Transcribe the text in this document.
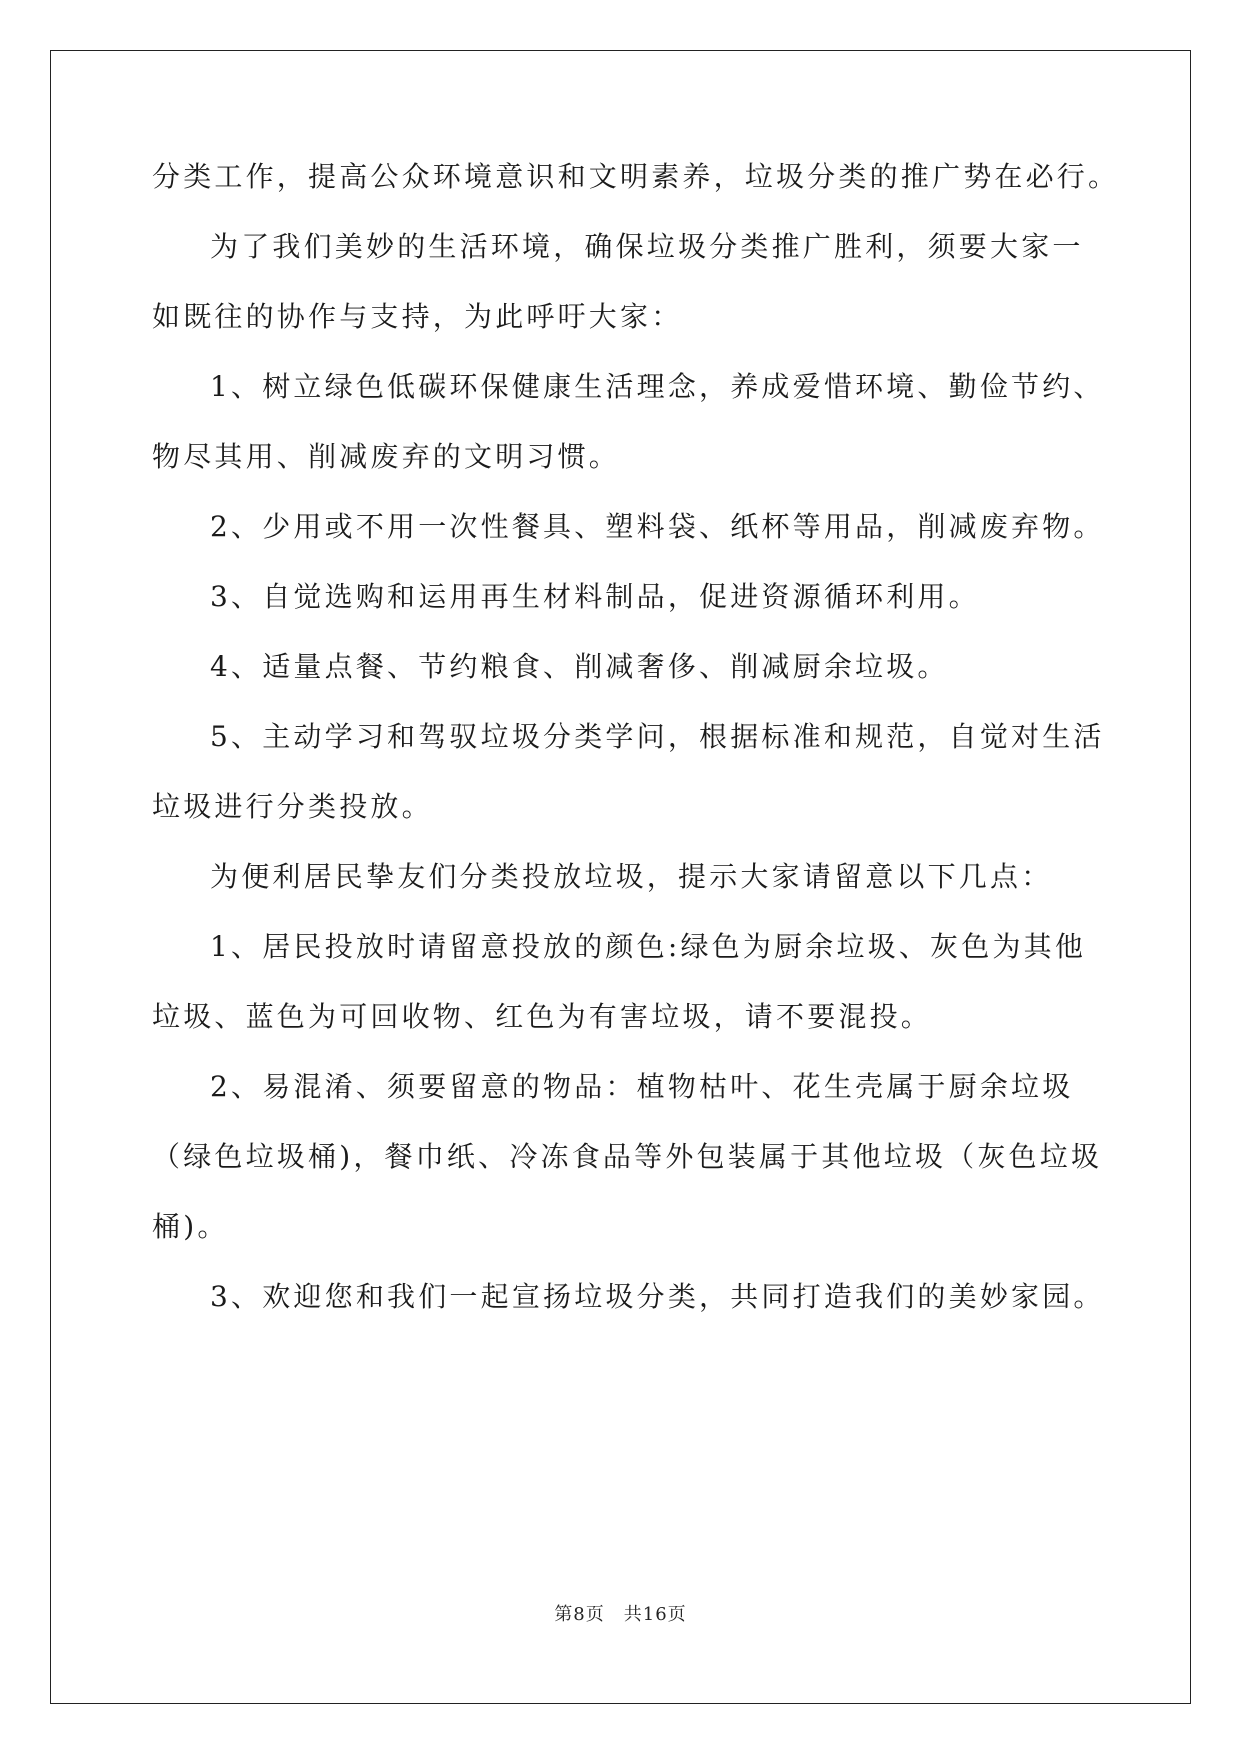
分类工作，提高公众环境意识和文明素养，垃圾分类的推广势在必行。
为了我们美妙的生活环境，确保垃圾分类推广胜利，须要大家一
如既往的协作与支持，为此呼吁大家：
1、树立绿色低碳环保健康生活理念，养成爱惜环境、勤俭节约、
物尽其用、削减废弃的文明习惯。
2、少用或不用一次性餐具、塑料袋、纸杯等用品，削减废弃物。
3、自觉选购和运用再生材料制品，促进资源循环利用。
4、适量点餐、节约粮食、削减奢侈、削减厨余垃圾。
5、主动学习和驾驭垃圾分类学问，根据标准和规范，自觉对生活
垃圾进行分类投放。
为便利居民挚友们分类投放垃圾，提示大家请留意以下几点：
1、居民投放时请留意投放的颜色:绿色为厨余垃圾、灰色为其他
垃圾、蓝色为可回收物、红色为有害垃圾，请不要混投。
2、易混淆、须要留意的物品：植物枯叶、花生壳属于厨余垃圾
（绿色垃圾桶)，餐巾纸、冷冻食品等外包装属于其他垃圾（灰色垃圾
桶)。
3、欢迎您和我们一起宣扬垃圾分类，共同打造我们的美妙家园。
第8页　共16页
